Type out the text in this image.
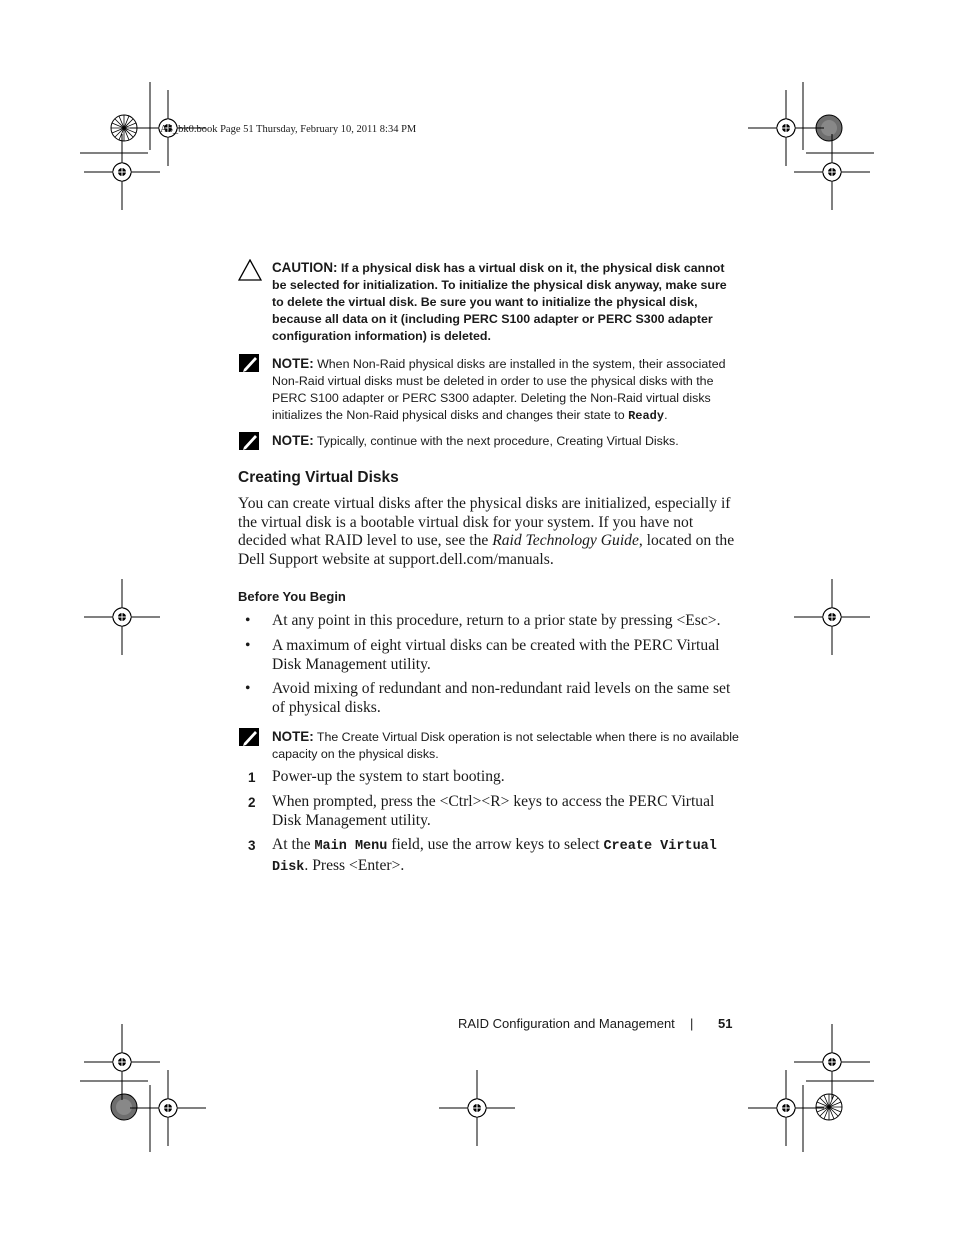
A5_bk0.book Page 51 Thursday, February 10, 2011 8:34 PM
CAUTION: If a physical disk has a virtual disk on it, the physical disk cannot be selected for initialization. To initialize the physical disk anyway, make sure to delete the virtual disk. Be sure you want to initialize the physical disk, because all data on it (including PERC S100 adapter or PERC S300 adapter configuration information) is deleted.
NOTE: When Non-Raid physical disks are installed in the system, their associated Non-Raid virtual disks must be deleted in order to use the physical disks with the PERC S100 adapter or PERC S300 adapter. Deleting the Non-Raid virtual disks initializes the Non-Raid physical disks and changes their state to Ready.
NOTE: Typically, continue with the next procedure, Creating Virtual Disks.
Creating Virtual Disks
You can create virtual disks after the physical disks are initialized, especially if the virtual disk is a bootable virtual disk for your system. If you have not decided what RAID level to use, see the Raid Technology Guide, located on the Dell Support website at support.dell.com/manuals.
Before You Begin
• At any point in this procedure, return to a prior state by pressing <Esc>.
• A maximum of eight virtual disks can be created with the PERC Virtual Disk Management utility.
• Avoid mixing of redundant and non-redundant raid levels on the same set of physical disks.
NOTE: The Create Virtual Disk operation is not selectable when there is no available capacity on the physical disks.
1 Power-up the system to start booting.
2 When prompted, press the <Ctrl><R> keys to access the PERC Virtual Disk Management utility.
3 At the Main Menu field, use the arrow keys to select Create Virtual Disk. Press <Enter>.
RAID Configuration and Management | 51
